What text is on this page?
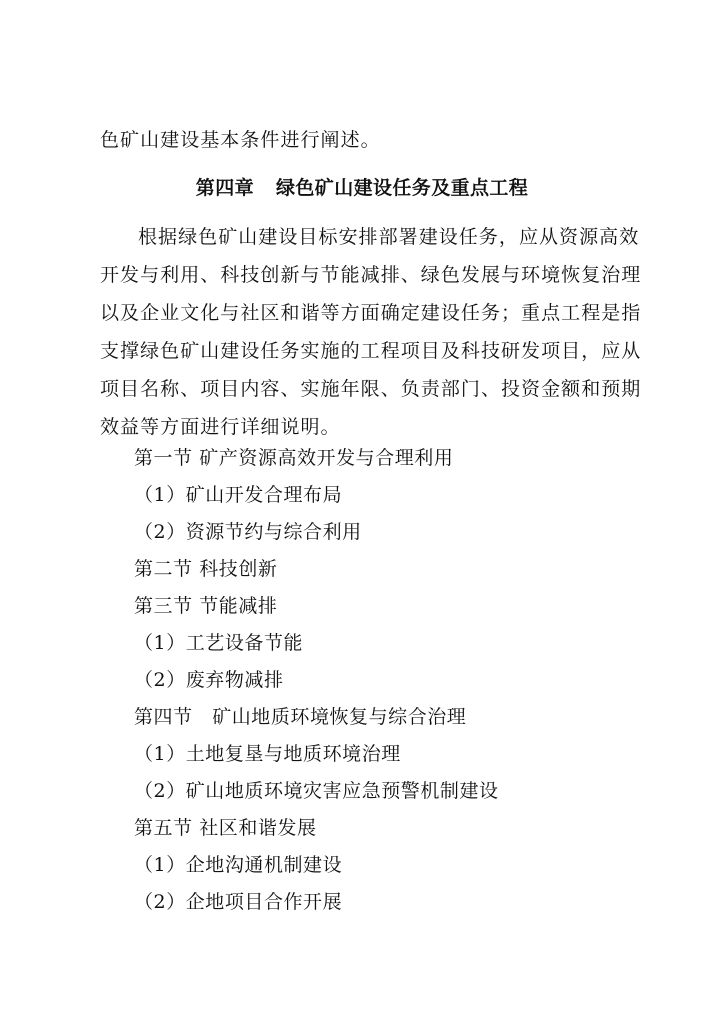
色矿山建设基本条件进行阐述。
第四章 绿色矿山建设任务及重点工程
根据绿色矿山建设目标安排部署建设任务，应从资源高效
开发与利用、科技创新与节能减排、绿色发展与环境恢复治理
以及企业文化与社区和谐等方面确定建设任务；重点工程是指
支撑绿色矿山建设任务实施的工程项目及科技研发项目，应从
项目名称、项目内容、实施年限、负责部门、投资金额和预期
效益等方面进行详细说明。
第一节 矿产资源高效开发与合理利用
（1）矿山开发合理布局
（2）资源节约与综合利用
第二节 科技创新
第三节 节能减排
（1）工艺设备节能
（2）废弃物减排
第四节　矿山地质环境恢复与综合治理
（1）土地复垦与地质环境治理
（2）矿山地质环境灾害应急预警机制建设
第五节 社区和谐发展
（1）企地沟通机制建设
（2）企地项目合作开展
